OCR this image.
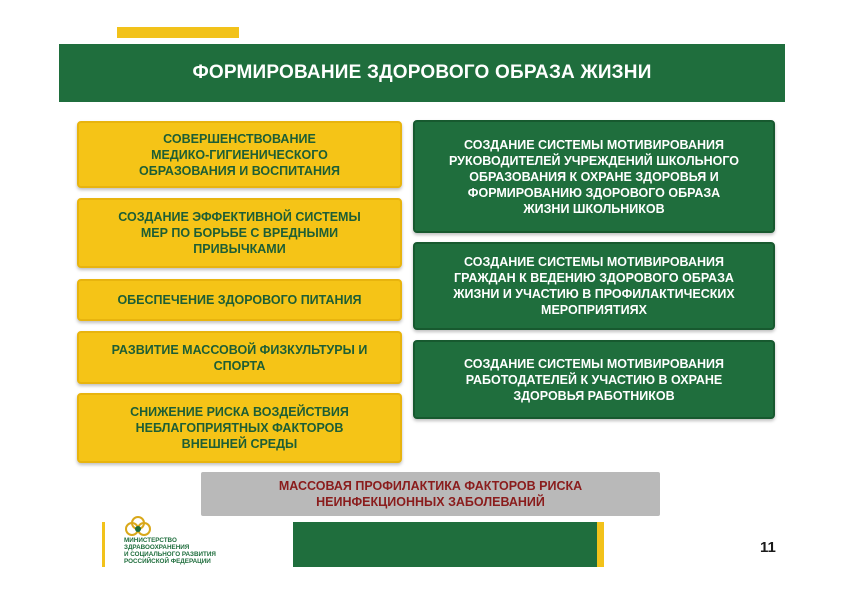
ФОРМИРОВАНИЕ ЗДОРОВОГО ОБРАЗА ЖИЗНИ
СОВЕРШЕНСТВОВАНИЕ
МЕДИКО-ГИГИЕНИЧЕСКОГО
ОБРАЗОВАНИЯ И ВОСПИТАНИЯ
СОЗДАНИЕ ЭФФЕКТИВНОЙ СИСТЕМЫ
МЕР ПО БОРЬБЕ С ВРЕДНЫМИ
ПРИВЫЧКАМИ
ОБЕСПЕЧЕНИЕ ЗДОРОВОГО ПИТАНИЯ
РАЗВИТИЕ МАССОВОЙ ФИЗКУЛЬТУРЫ И
СПОРТА
СНИЖЕНИЕ РИСКА ВОЗДЕЙСТВИЯ
НЕБЛАГОПРИЯТНЫХ ФАКТОРОВ
ВНЕШНЕЙ СРЕДЫ
СОЗДАНИЕ СИСТЕМЫ МОТИВИРОВАНИЯ
РУКОВОДИТЕЛЕЙ УЧРЕЖДЕНИЙ ШКОЛЬНОГО
ОБРАЗОВАНИЯ К ОХРАНЕ ЗДОРОВЬЯ И
ФОРМИРОВАНИЮ ЗДОРОВОГО ОБРАЗА
ЖИЗНИ ШКОЛЬНИКОВ
СОЗДАНИЕ СИСТЕМЫ МОТИВИРОВАНИЯ
ГРАЖДАН К ВЕДЕНИЮ ЗДОРОВОГО ОБРАЗА
ЖИЗНИ И УЧАСТИЮ В ПРОФИЛАКТИЧЕСКИХ
МЕРОПРИЯТИЯХ
СОЗДАНИЕ СИСТЕМЫ МОТИВИРОВАНИЯ
РАБОТОДАТЕЛЕЙ К УЧАСТИЮ В ОХРАНЕ
ЗДОРОВЬЯ РАБОТНИКОВ
МАССОВАЯ ПРОФИЛАКТИКА ФАКТОРОВ РИСКА
НЕИНФЕКЦИОННЫХ ЗАБОЛЕВАНИЙ
МИНИСТЕРСТВО
ЗДРАВООХРАНЕНИЯ
И СОЦИАЛЬНОГО РАЗВИТИЯ
РОССИЙСКОЙ ФЕДЕРАЦИИ
11
